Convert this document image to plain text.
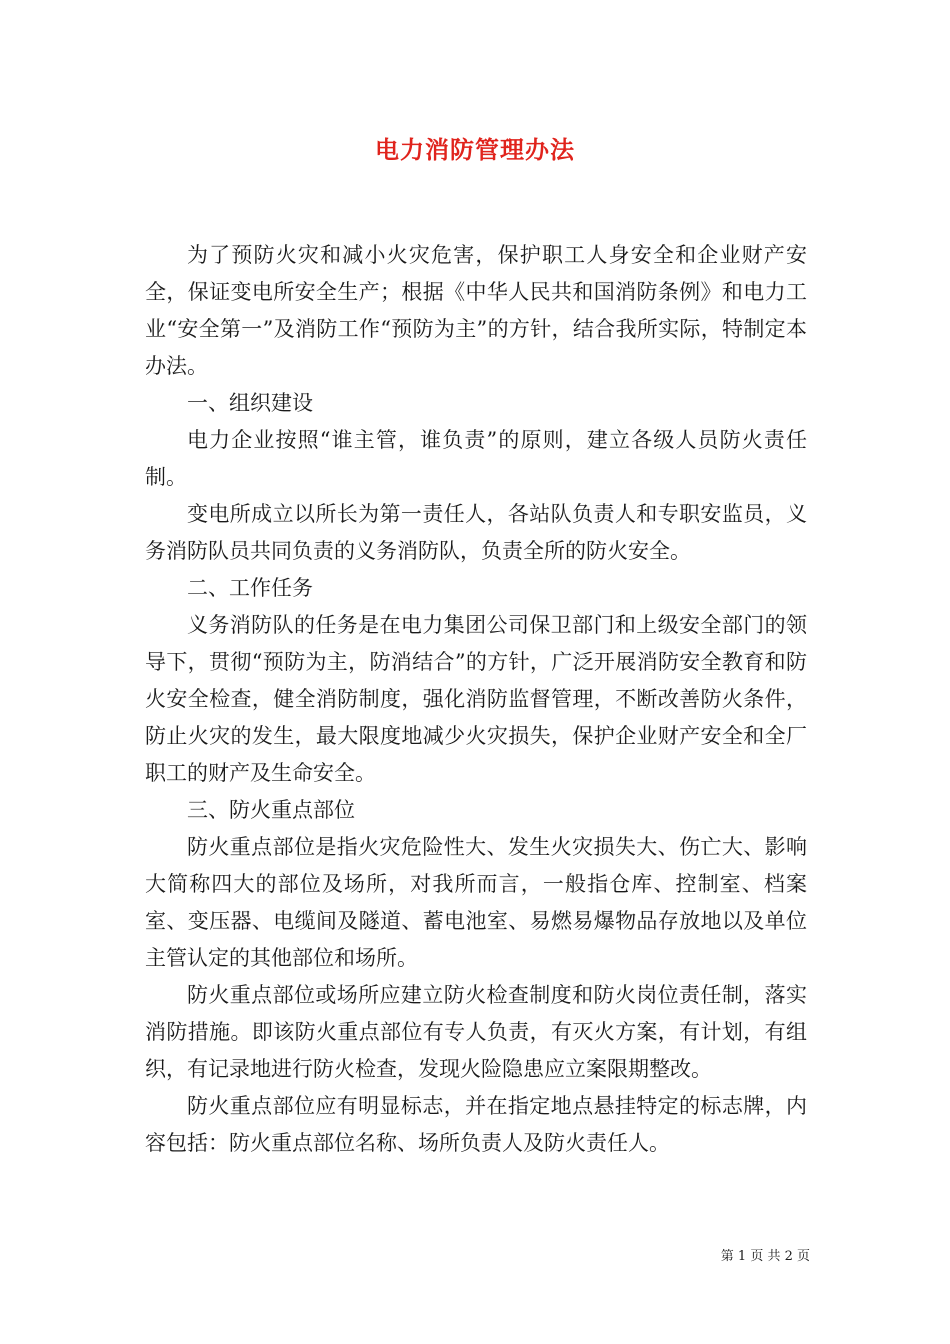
电力消防管理办法

为了预防火灾和减小火灾危害，保护职工人身安全和企业财产安全，保证变电所安全生产；根据《中华人民共和国消防条例》和电力工业“安全第一”及消防工作“预防为主”的方针，结合我所实际，特制定本办法。

一、组织建设

电力企业按照“谁主管，谁负责”的原则，建立各级人员防火责任制。

变电所成立以所长为第一责任人，各站队负责人和专职安监员，义务消防队员共同负责的义务消防队，负责全所的防火安全。

二、工作任务

义务消防队的任务是在电力集团公司保卫部门和上级安全部门的领导下，贯彻“预防为主，防消结合”的方针，广泛开展消防安全教育和防火安全检查，健全消防制度，强化消防监督管理，不断改善防火条件，防止火灾的发生，最大限度地减少火灾损失，保护企业财产安全和全厂职工的财产及生命安全。

三、防火重点部位

防火重点部位是指火灾危险性大、发生火灾损失大、伤亡大、影响大简称四大的部位及场所，对我所而言，一般指仓库、控制室、档案室、变压器、电缆间及隧道、蓄电池室、易燃易爆物品存放地以及单位主管认定的其他部位和场所。

防火重点部位或场所应建立防火检查制度和防火岗位责任制，落实消防措施。即该防火重点部位有专人负责，有灭火方案，有计划，有组织，有记录地进行防火检查，发现火险隐患应立案限期整改。

防火重点部位应有明显标志，并在指定地点悬挂特定的标志牌，内容包括：防火重点部位名称、场所负责人及防火责任人。

第 1 页 共 2 页
